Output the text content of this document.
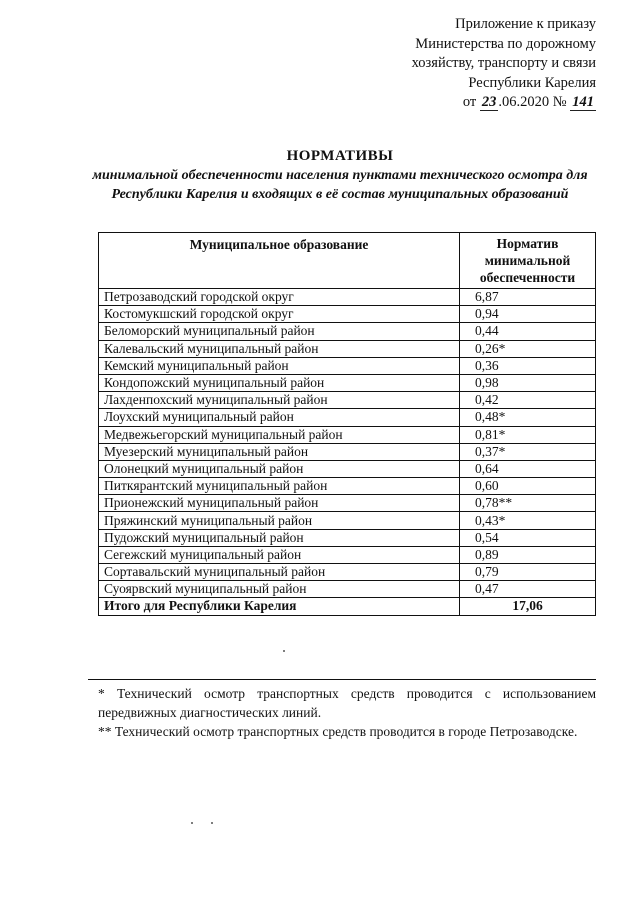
Приложение к приказу
Министерства по дорожному
хозяйству, транспорту и связи
Республики Карелия
от 23 .06.2020 № 141
НОРМАТИВЫ
минимальной обеспеченности населения пунктами технического осмотра для Республики Карелия и входящих в её состав муниципальных образований
Муниципальное образование	Норматив минимальной обеспеченности
Петрозаводский городской округ	6,87
Костомукшский городской округ	0,94
Беломорский муниципальный район	0,44
Калевальский муниципальный район	0,26*
Кемский муниципальный район	0,36
Кондопожский муниципальный район	0,98
Лахденпохский муниципальный район	0,42
Лоухский муниципальный район	0,48*
Медвежьегорский муниципальный район	0,81*
Муезерский муниципальный район	0,37*
Олонецкий муниципальный район	0,64
Питкярантский муниципальный район	0,60
Прионежский муниципальный район	0,78**
Пряжинский муниципальный район	0,43*
Пудожский муниципальный район	0,54
Сегежский муниципальный район	0,89
Сортавальский муниципальный район	0,79
Суоярвский муниципальный район	0,47
Итого для Республики Карелия	17,06

* Технический осмотр транспортных средств проводится с использованием передвижных диагностических линий.

** Технический осмотр транспортных средств проводится в городе Петрозаводске.
